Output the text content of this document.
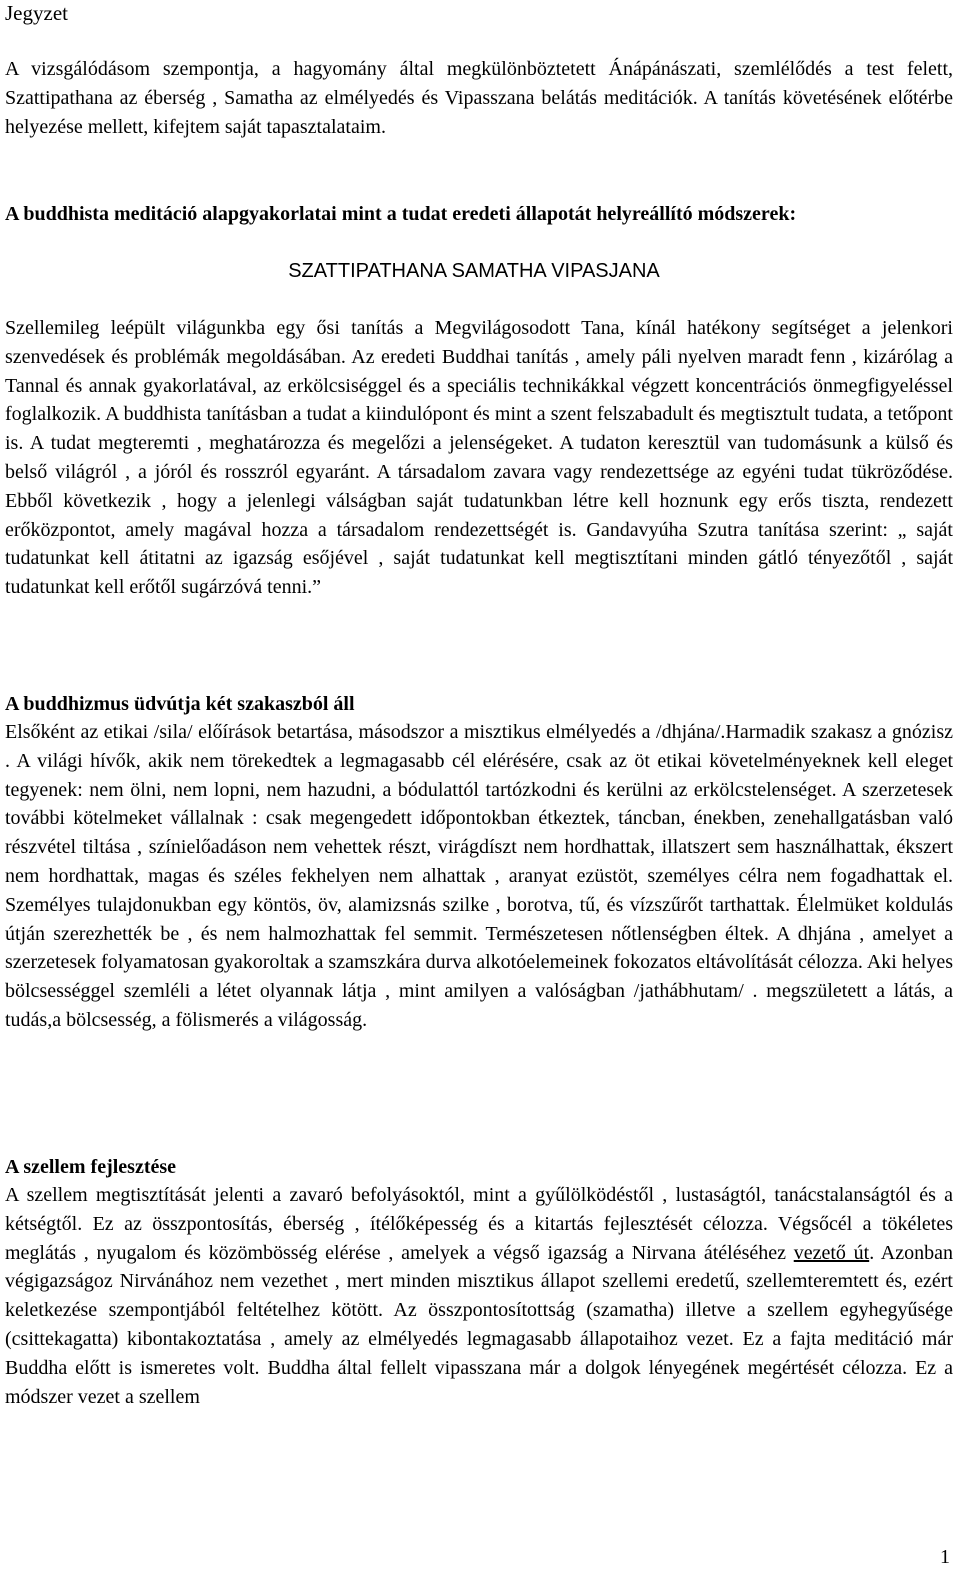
Jegyzet
A vizsgálódásom szempontja, a hagyomány által megkülönböztetett Ánápánászati, szemlélődés a test felett, Szattipathana az éberség , Samatha az elmélyedés és Vipasszana belátás meditációk. A tanítás követésének előtérbe helyezése mellett, kifejtem saját tapasztalataim.
A buddhista meditáció alapgyakorlatai mint a tudat eredeti állapotát helyreállító módszerek:
SZATTIPATHANA SAMATHA VIPASJANA
Szellemileg leépült világunkba egy ősi tanítás a Megvilágosodott Tana, kínál hatékony segítséget a jelenkori szenvedések és problémák megoldásában. Az eredeti Buddhai tanítás , amely páli nyelven maradt fenn , kizárólag a Tannal és annak gyakorlatával, az erkölcsiséggel és a speciális technikákkal végzett koncentrációs önmegfigyeléssel foglalkozik. A buddhista tanításban a tudat a kiindulópont és mint a szent felszabadult és megtisztult tudata, a tetőpont is. A tudat megteremti , meghatározza és megelőzi a jelenségeket. A tudaton keresztül van tudomásunk a külső és belső világról , a jóról és rosszról egyaránt. A társadalom zavara vagy rendezettsége az egyéni tudat tükröződése. Ebből következik , hogy a jelenlegi válságban saját tudatunkban létre kell hoznunk egy erős tiszta, rendezett erőközpontot, amely magával hozza a társadalom rendezettségét is. Gandavyúha Szutra tanítása szerint: „ saját tudatunkat kell átitatni az igazság esőjével , saját tudatunkat kell megtisztítani minden gátló tényezőtől , saját tudatunkat kell erőtől sugárzóvá tenni.”
A buddhizmus üdvútja két szakaszból áll
Elsőként az etikai /sila/ előírások betartása, másodszor a misztikus elmélyedés a /dhjána/.Harmadik szakasz a gnózisz . A világi hívők, akik nem törekedtek a legmagasabb cél elérésére, csak az öt etikai követelményeknek kell eleget tegyenek: nem ölni, nem lopni, nem hazudni, a bódulattól tartózkodni és kerülni az erkölcstelenséget. A szerzetesek további kötelmeket vállalnak : csak megengedett időpontokban étkeztek, táncban, énekben, zenehallgatásban való részvétel tiltása , színielőadáson nem vehettek részt, virágdíszt nem hordhattak, illatszert sem használhattak, ékszert nem hordhattak, magas és széles fekhelyen nem alhattak , aranyat ezüstöt, személyes célra nem fogadhattak el. Személyes tulajdonukban egy köntös, öv, alamizsnás szilke , borotva, tű, és vízszűrőt tarthattak. Élelmüket koldulás útján szerezhették be , és nem halmozhattak fel semmit. Természetesen nőtlenségben éltek. A dhjána , amelyet a szerzetesek folyamatosan gyakoroltak a szamszkára durva alkotóelemeinek fokozatos eltávolítását célozza. Aki helyes bölcsességgel szemléli a létet olyannak látja , mint amilyen a valóságban /jathábhutam/ . megszületett a látás, a tudás,a bölcsesség, a fölismerés a világosság.
A szellem fejlesztése
A szellem megtisztítását jelenti a zavaró befolyásoktól, mint a gyűlölködéstől , lustaságtól, tanácstalanságtól és a kétségtől. Ez az összpontosítás, éberség , ítélőképesség és a kitartás fejlesztését célozza. Végsőcél a tökéletes meglátás , nyugalom és közömbösség elérése , amelyek a végső igazság a Nirvana átéléséhez vezető út. Azonban végigazságoz Nirvánához nem vezethet , mert minden misztikus állapot szellemi eredetű, szellemteremtett és, ezért keletkezése szempontjából feltételhez kötött. Az összpontosítottság (szamatha) illetve a szellem egyhegyűsége (csittekagatta) kibontakoztatása , amely az elmélyedés legmagasabb állapotaihoz vezet. Ez a fajta meditáció már Buddha előtt is ismeretes volt. Buddha által fellelt vipasszana már a dolgok lényegének megértését célozza. Ez a módszer vezet a szellem
1
